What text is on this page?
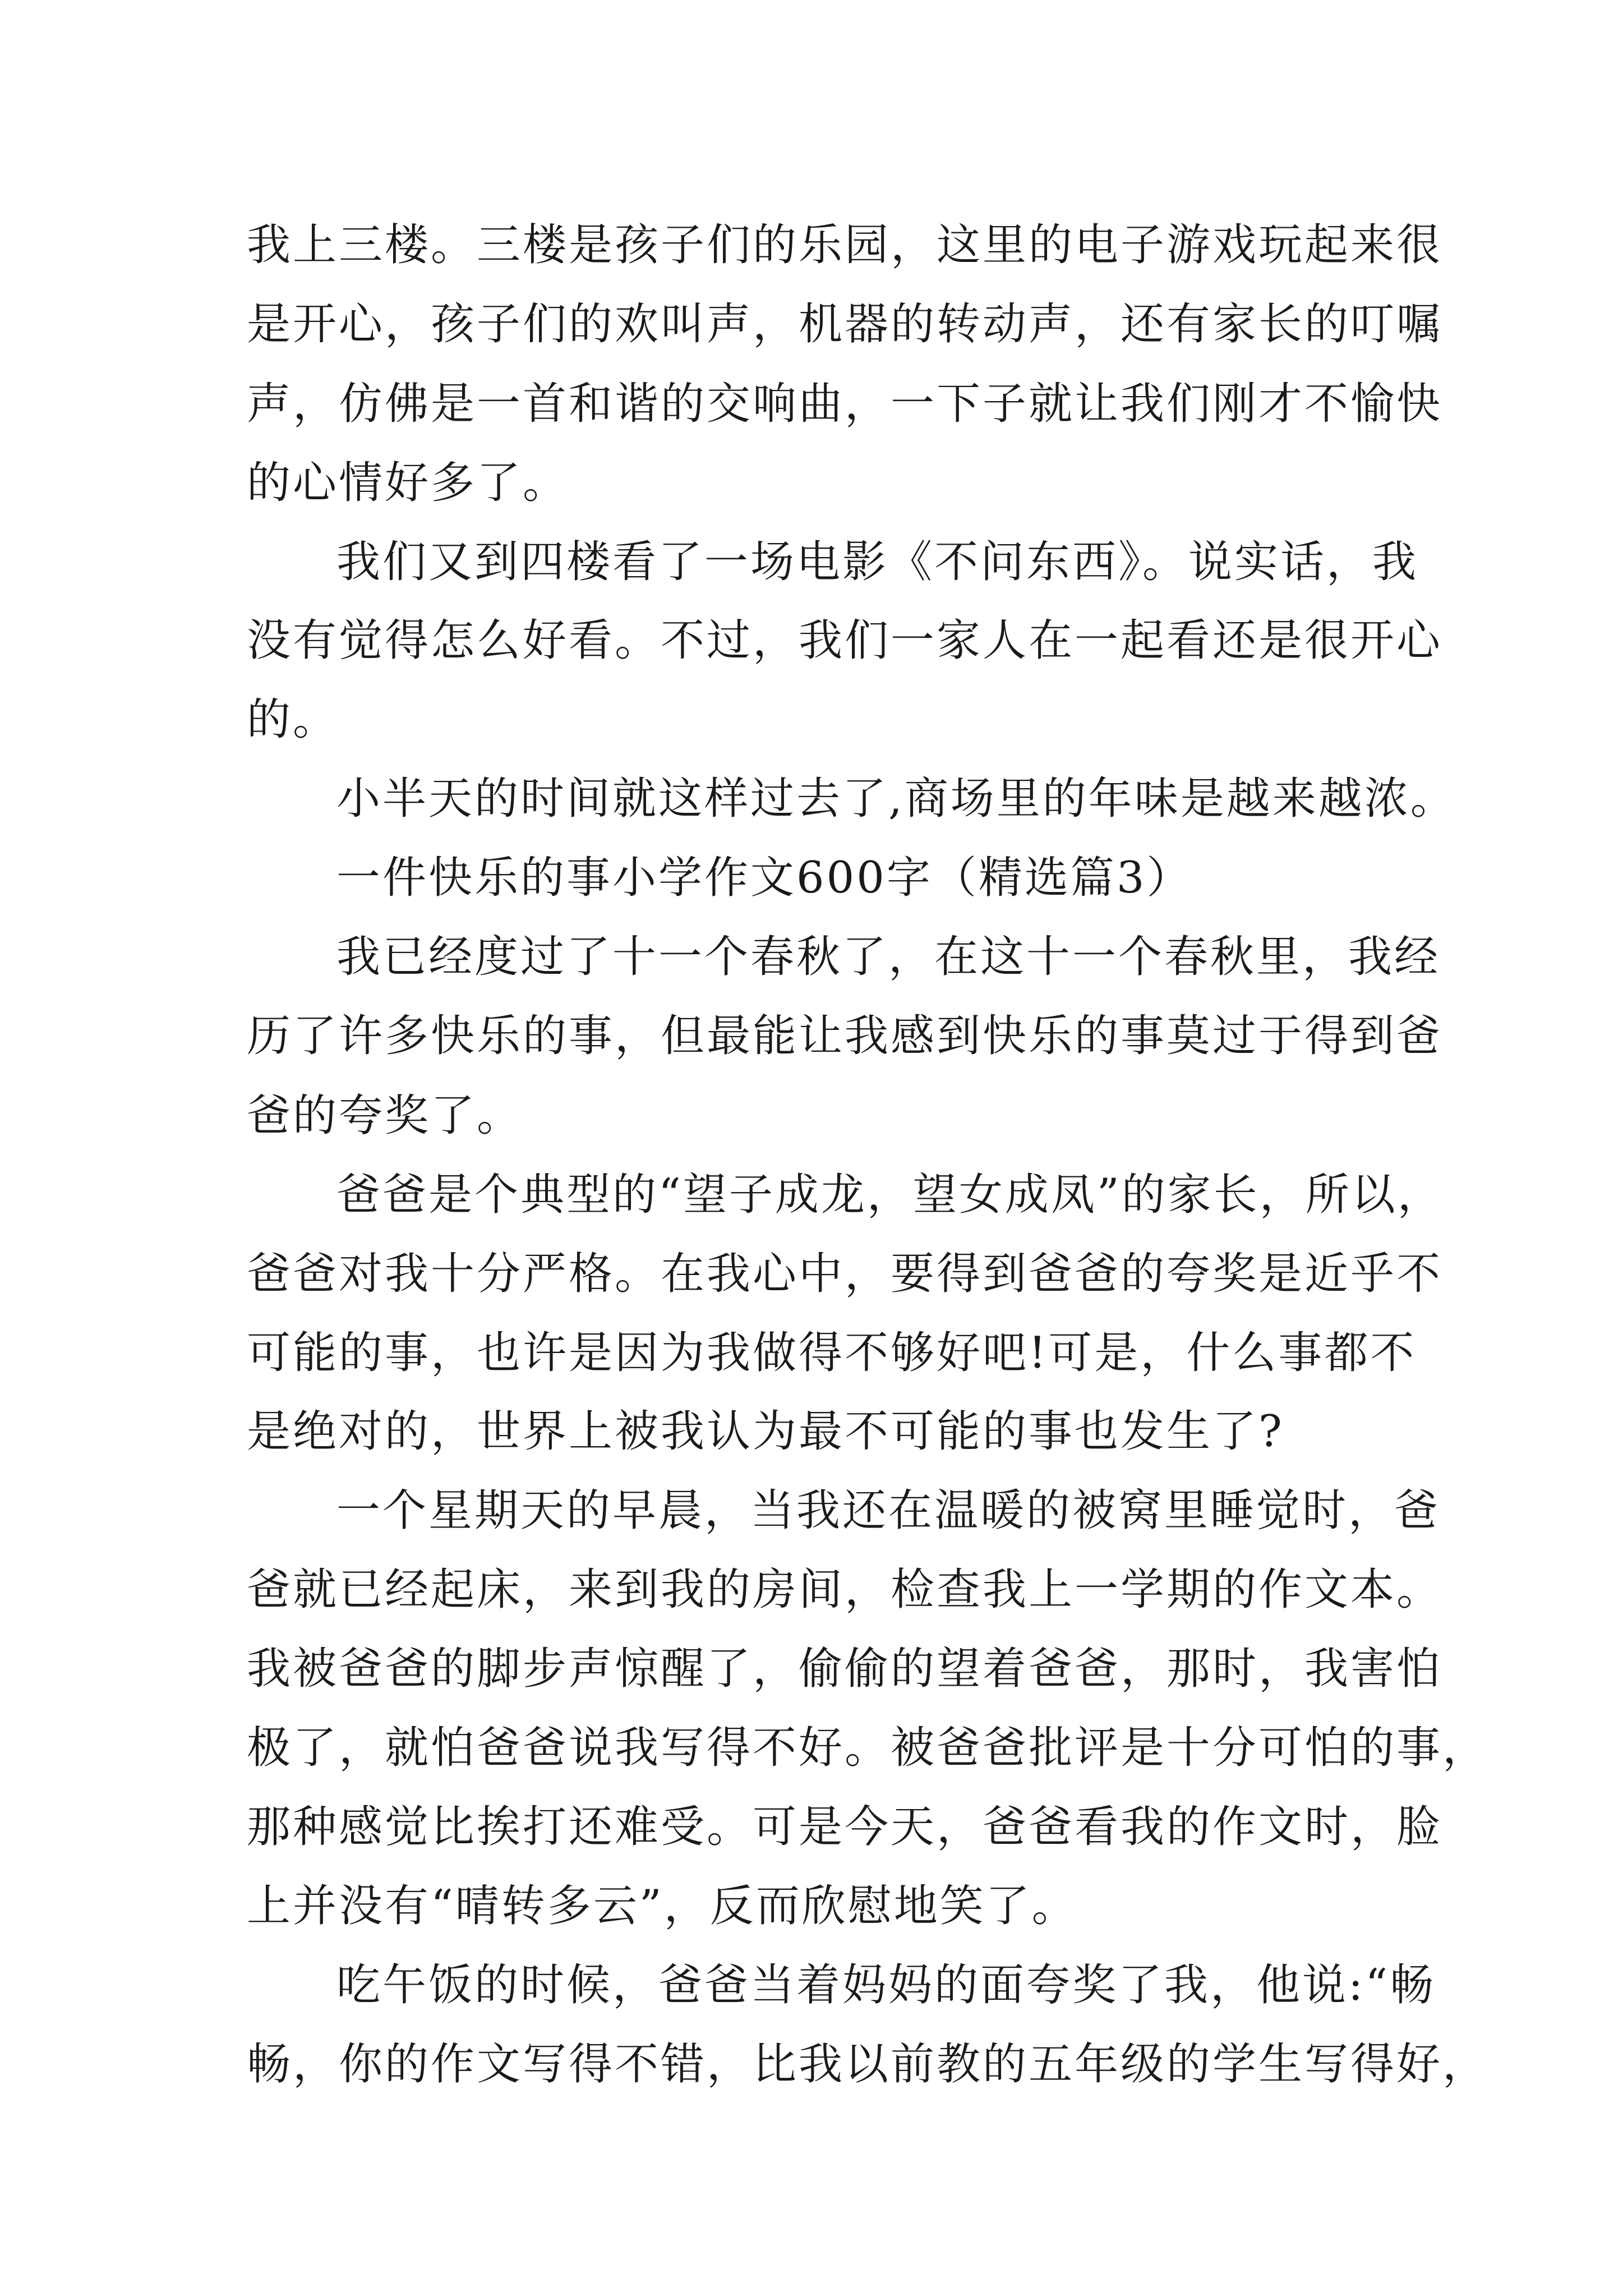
我上三楼。三楼是孩子们的乐园，这里的电子游戏玩起来很
是开心，孩子们的欢叫声，机器的转动声，还有家长的叮嘱
声，仿佛是一首和谐的交响曲，一下子就让我们刚才不愉快
的心情好多了。
我们又到四楼看了一场电影《不问东西》。说实话，我
没有觉得怎么好看。不过，我们一家人在一起看还是很开心
的。
小半天的时间就这样过去了,商场里的年味是越来越浓。
一件快乐的事小学作文600字（精选篇3）
我已经度过了十一个春秋了，在这十一个春秋里，我经
历了许多快乐的事，但最能让我感到快乐的事莫过于得到爸
爸的夸奖了。
爸爸是个典型的“望子成龙，望女成凤”的家长，所以，
爸爸对我十分严格。在我心中，要得到爸爸的夸奖是近乎不
可能的事，也许是因为我做得不够好吧!可是，什么事都不
是绝对的，世界上被我认为最不可能的事也发生了?
一个星期天的早晨，当我还在温暖的被窝里睡觉时，爸
爸就已经起床，来到我的房间，检查我上一学期的作文本。
我被爸爸的脚步声惊醒了，偷偷的望着爸爸，那时，我害怕
极了，就怕爸爸说我写得不好。被爸爸批评是十分可怕的事，
那种感觉比挨打还难受。可是今天，爸爸看我的作文时，脸
上并没有“晴转多云”，反而欣慰地笑了。
吃午饭的时候，爸爸当着妈妈的面夸奖了我，他说:“畅
畅，你的作文写得不错，比我以前教的五年级的学生写得好，
